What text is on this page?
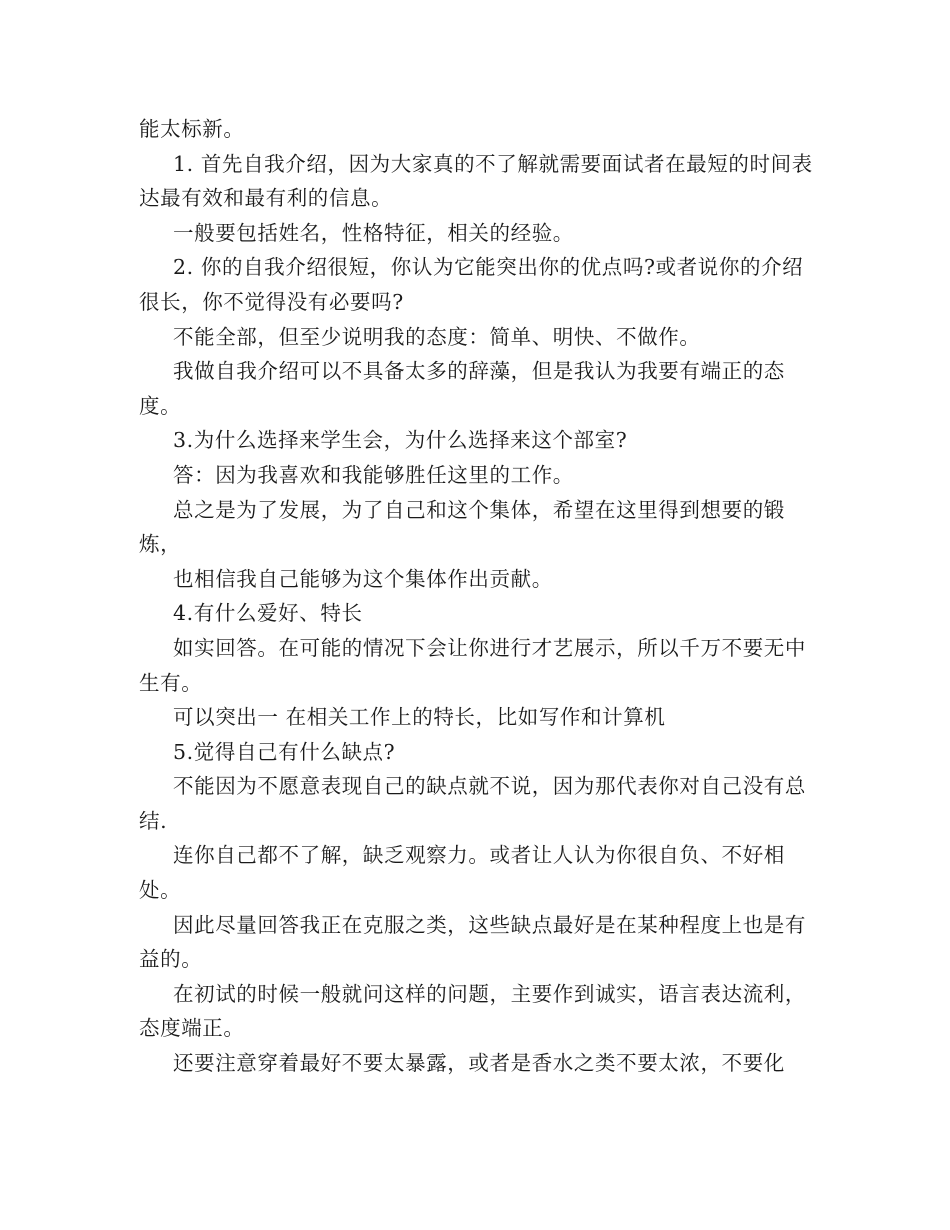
能太标新。

1. 首先自我介绍，因为大家真的不了解就需要面试者在最短的时间表达最有效和最有利的信息。

一般要包括姓名，性格特征，相关的经验。

2. 你的自我介绍很短，你认为它能突出你的优点吗?或者说你的介绍很长，你不觉得没有必要吗?

不能全部，但至少说明我的态度：简单、明快、不做作。

我做自我介绍可以不具备太多的辞藻，但是我认为我要有端正的态度。

3.为什么选择来学生会，为什么选择来这个部室?

答：因为我喜欢和我能够胜任这里的工作。

总之是为了发展，为了自己和这个集体，希望在这里得到想要的锻炼，

也相信我自己能够为这个集体作出贡献。

4.有什么爱好、特长

如实回答。在可能的情况下会让你进行才艺展示，所以千万不要无中生有。

可以突出一 在相关工作上的特长，比如写作和计算机

5.觉得自己有什么缺点?

不能因为不愿意表现自己的缺点就不说，因为那代表你对自己没有总结.

连你自己都不了解，缺乏观察力。或者让人认为你很自负、不好相处。

因此尽量回答我正在克服之类，这些缺点最好是在某种程度上也是有益的。

在初试的时候一般就问这样的问题，主要作到诚实，语言表达流利，态度端正。

还要注意穿着最好不要太暴露，或者是香水之类不要太浓，不要化
